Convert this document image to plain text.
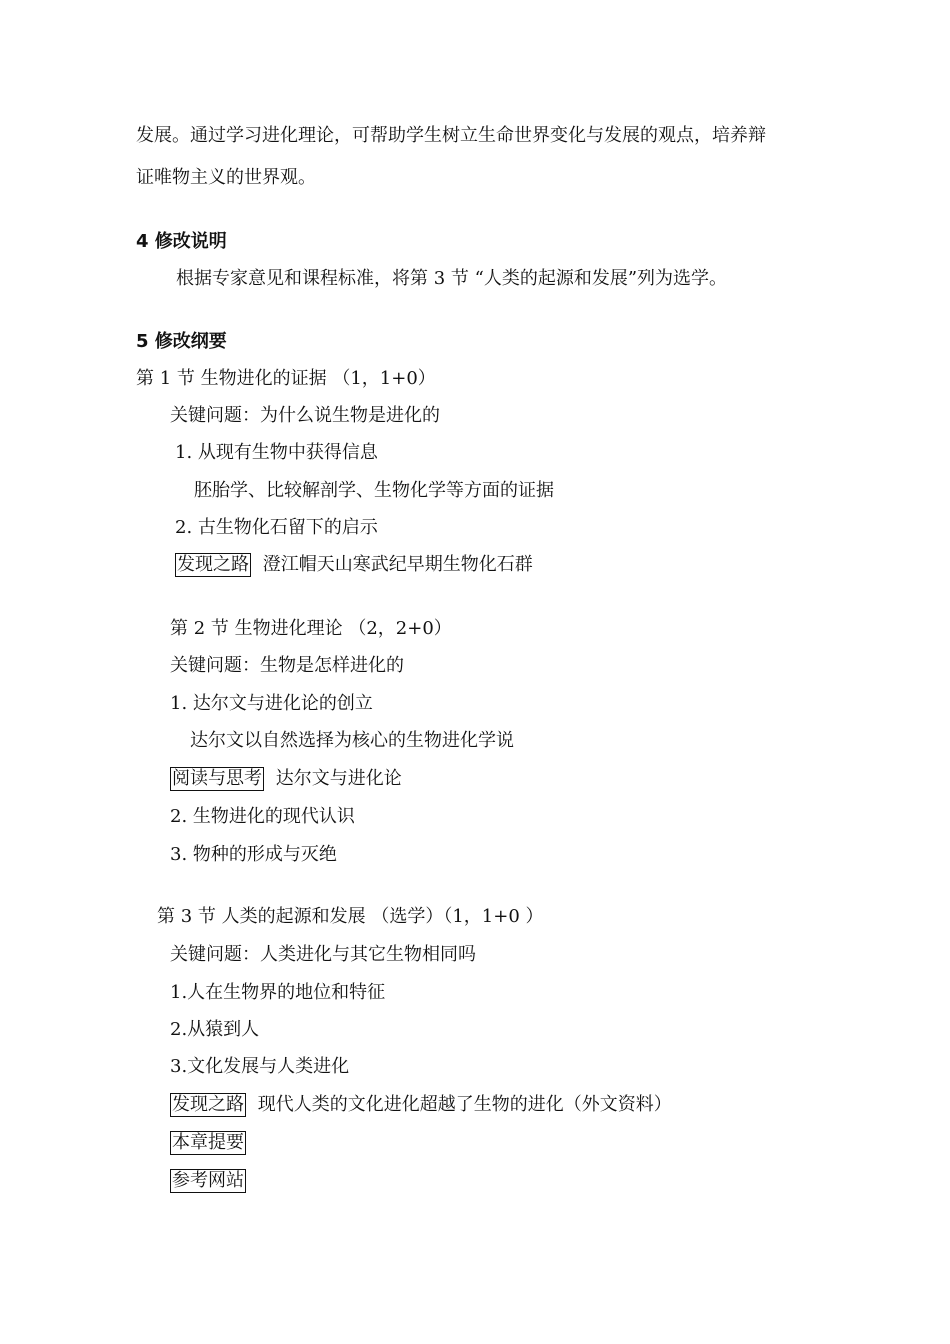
发展。通过学习进化理论，可帮助学生树立生命世界变化与发展的观点，培养辩
证唯物主义的世界观。
4 修改说明
根据专家意见和课程标准，将第 3 节 “人类的起源和发展”列为选学。
5 修改纲要
第 1 节 生物进化的证据 （1，1+0）
关键问题：为什么说生物是进化的
1. 从现有生物中获得信息
胚胎学、比较解剖学、生物化学等方面的证据
2. 古生物化石留下的启示
发现之路 澄江帽天山寒武纪早期生物化石群
第 2 节 生物进化理论 （2，2+0）
关键问题：生物是怎样进化的
1. 达尔文与进化论的创立
达尔文以自然选择为核心的生物进化学说
阅读与思考 达尔文与进化论
2. 生物进化的现代认识
3. 物种的形成与灭绝
第 3 节 人类的起源和发展 （选学）（1，1+0 ）
关键问题：人类进化与其它生物相同吗
1.人在生物界的地位和特征
2.从猿到人
3.文化发展与人类进化
发现之路 现代人类的文化进化超越了生物的进化（外文资料）
本章提要
参考网站
